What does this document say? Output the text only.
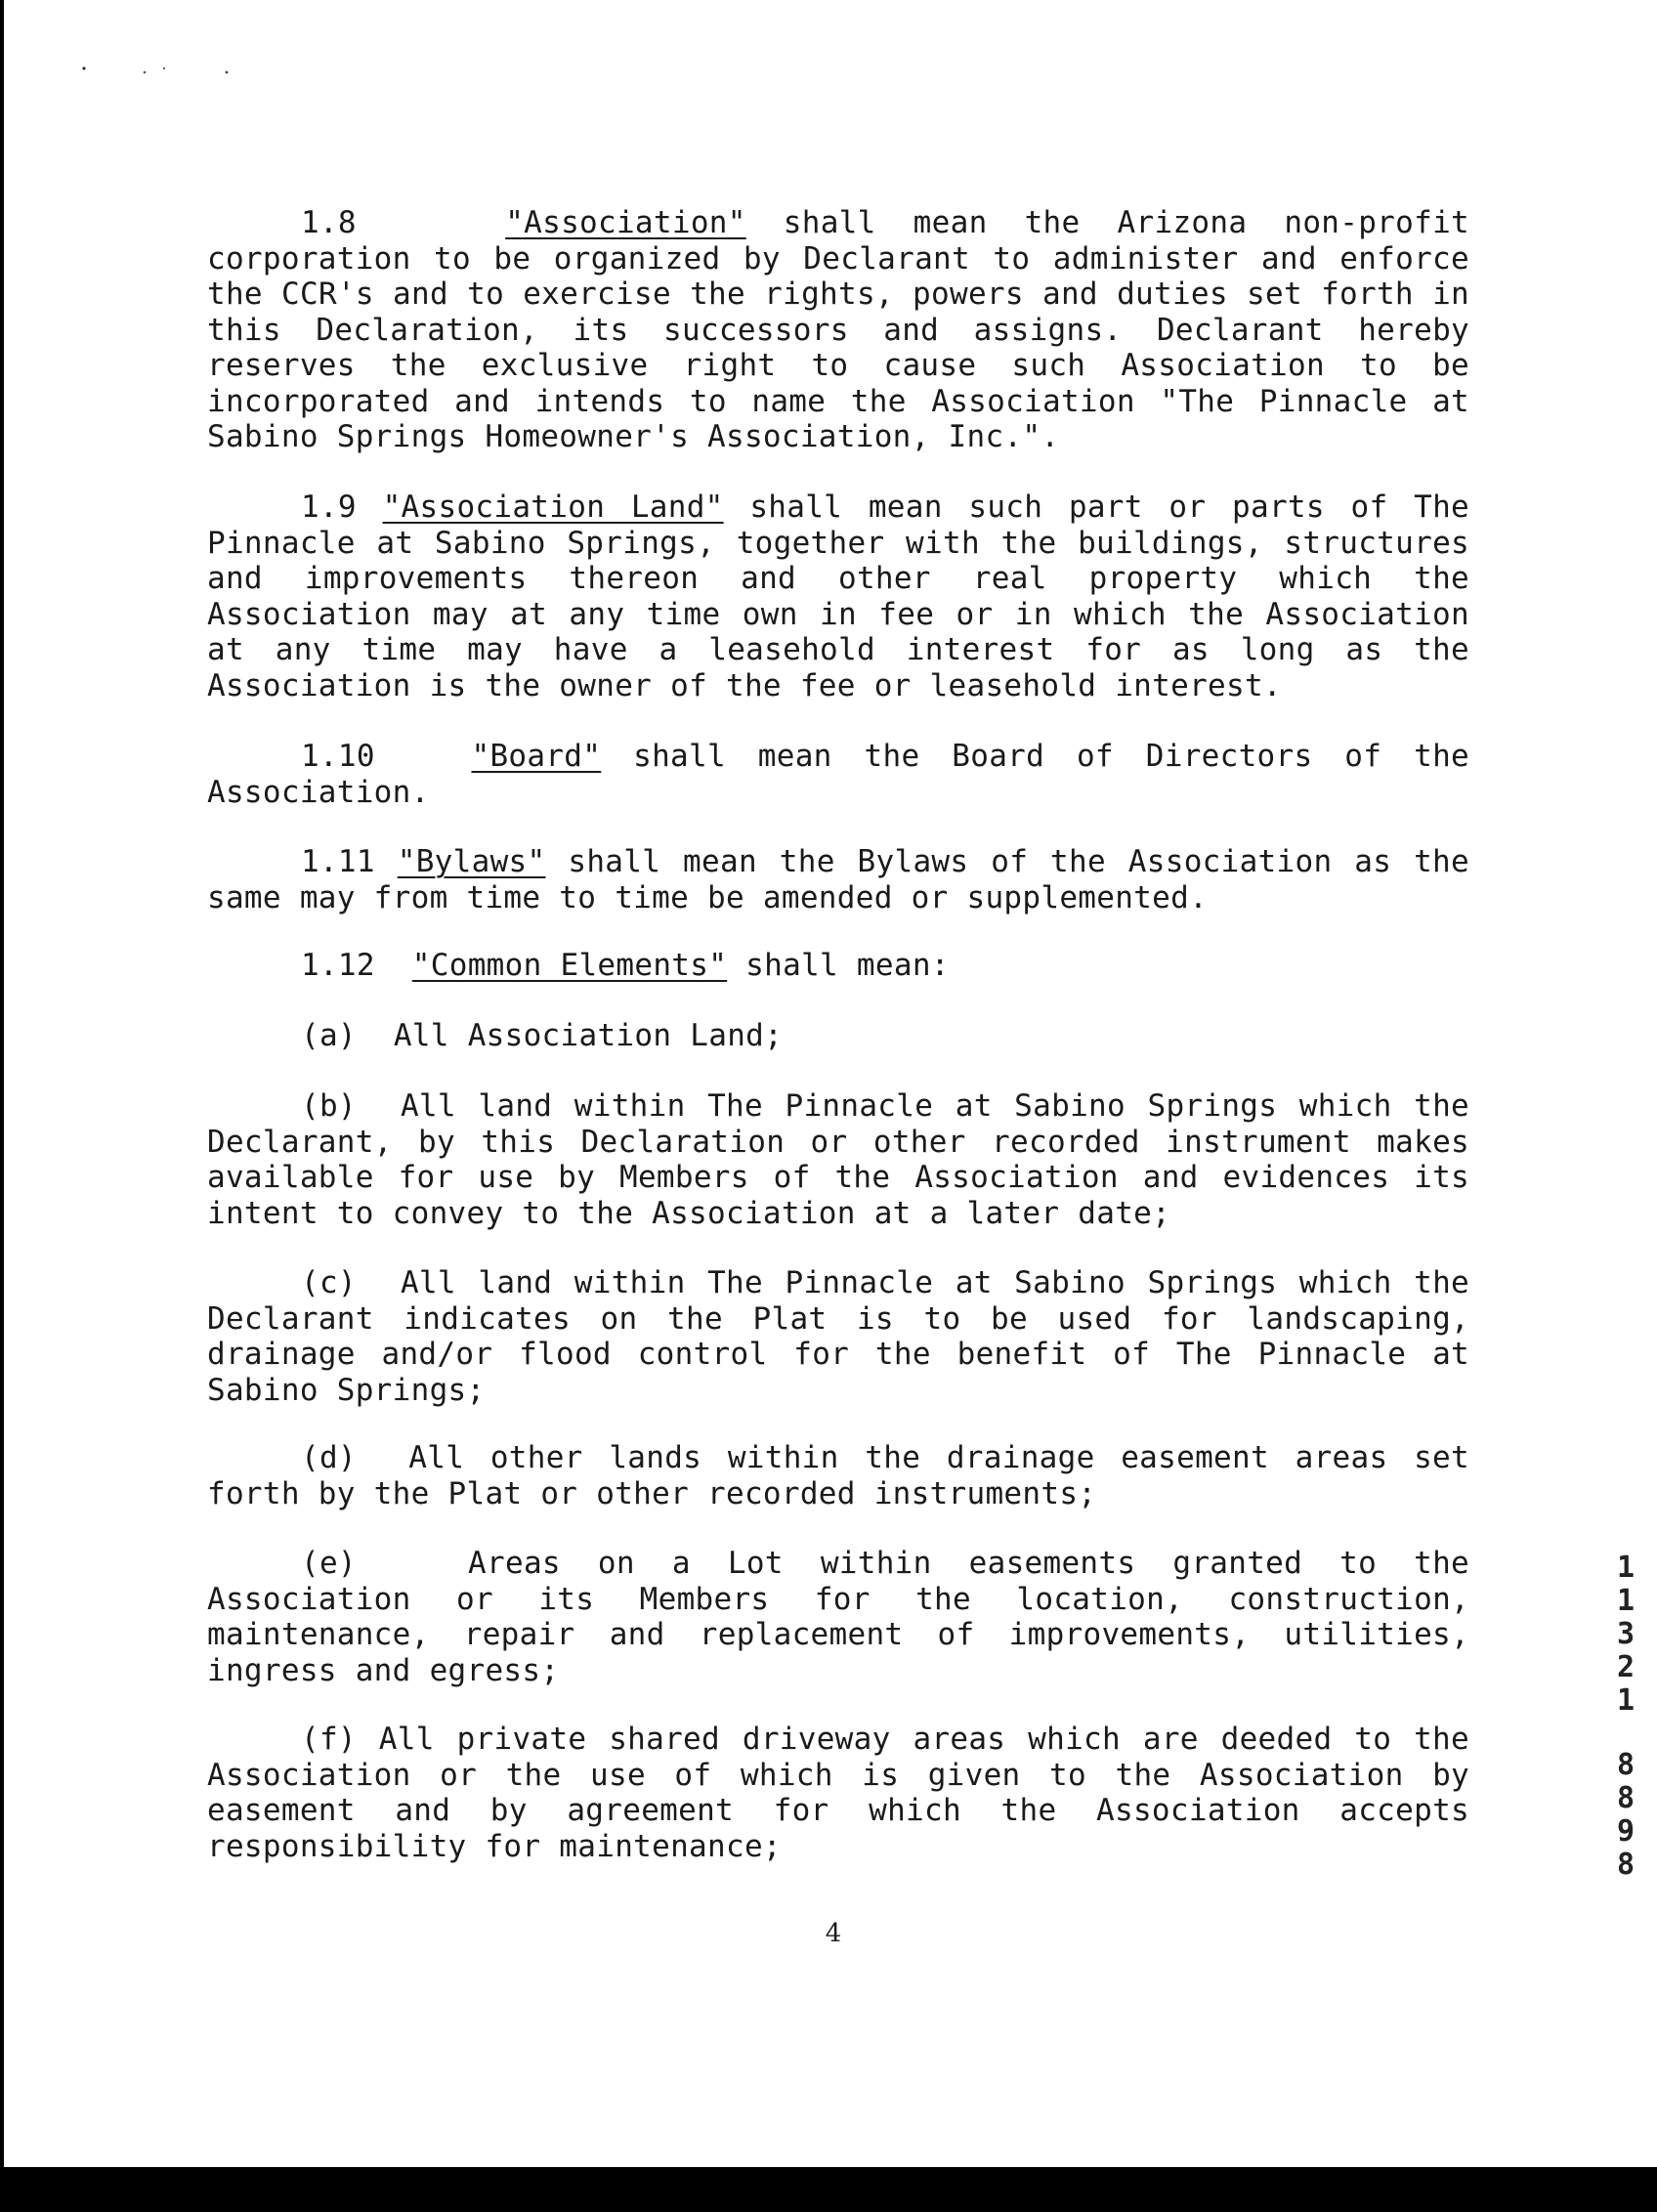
1.8	"Association" shall mean the Arizona non-profit corporation to be organized by Declarant to administer and enforce the CCR's and to exercise the rights, powers and duties set forth in this Declaration, its successors and assigns. Declarant hereby reserves the exclusive right to cause such Association to be incorporated and intends to name the Association "The Pinnacle at Sabino Springs Homeowner's Association, Inc.".
1.9 "Association Land" shall mean such part or parts of The Pinnacle at Sabino Springs, together with the buildings, structures and improvements thereon and other real property which the Association may at any time own in fee or in which the Association at any time may have a leasehold interest for as long as the Association is the owner of the fee or leasehold interest.
1.10	"Board" shall mean the Board of Directors of the Association.
1.11 "Bylaws" shall mean the Bylaws of the Association as the same may from time to time be amended or supplemented.
1.12 "Common Elements" shall mean:
(a) All Association Land;
(b) All land within The Pinnacle at Sabino Springs which the Declarant, by this Declaration or other recorded instrument makes available for use by Members of the Association and evidences its intent to convey to the Association at a later date;
(c) All land within The Pinnacle at Sabino Springs which the Declarant indicates on the Plat is to be used for landscaping, drainage and/or flood control for the benefit of The Pinnacle at Sabino Springs;
(d) All other lands within the drainage easement areas set forth by the Plat or other recorded instruments;
(e)	Areas on a Lot within easements granted to the Association or its Members for the location, construction, maintenance, repair and replacement of improvements, utilities, ingress and egress;
(f) All private shared driveway areas which are deeded to the Association or the use of which is given to the Association by easement and by agreement for which the Association accepts responsibility for maintenance;
4
1
1
3
2
1
8
8
9
8
